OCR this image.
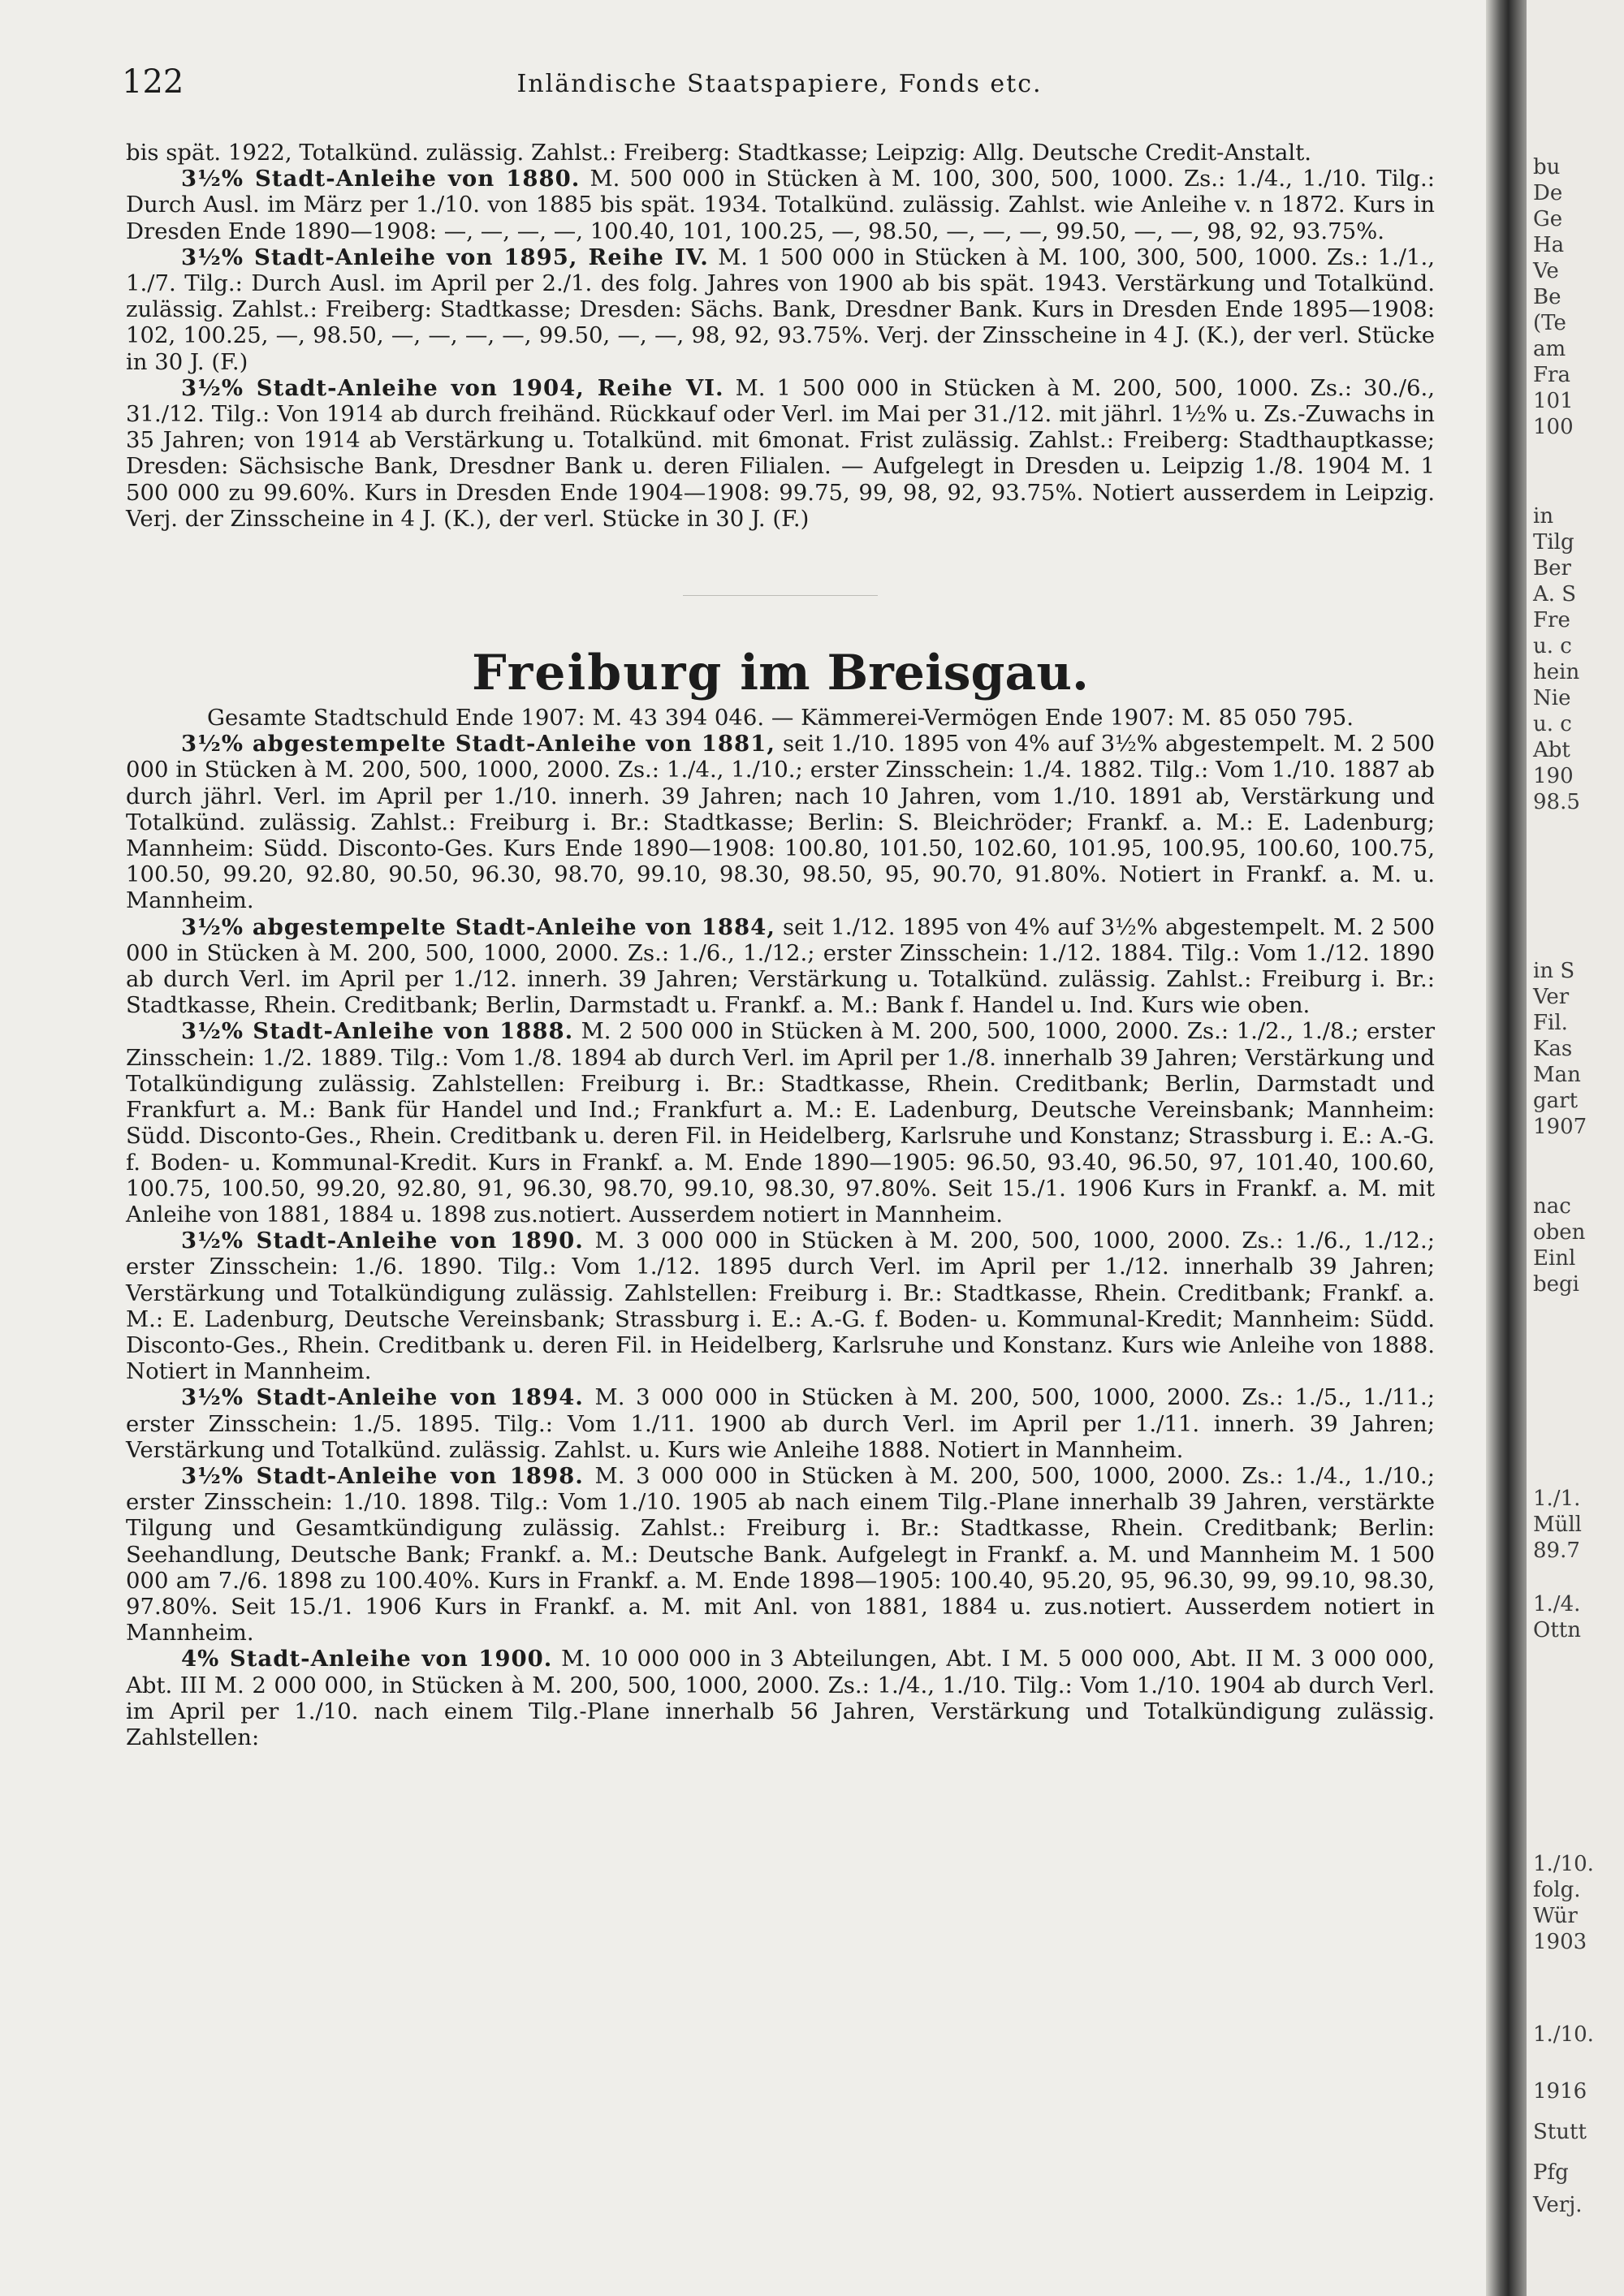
122	Inländische Staatspapiere, Fonds etc.

bis spät. 1922, Totalkünd. zulässig. Zahlst.: Freiberg: Stadtkasse; Leipzig: Allg. Deutsche Credit-Anstalt.

3½% Stadt-Anleihe von 1880. M. 500 000 in Stücken à M. 100, 300, 500, 1000. Zs.: 1./4., 1./10. Tilg.: Durch Ausl. im März per 1./10. von 1885 bis spät. 1934. Totalkünd. zulässig. Zahlst. wie Anleihe v. n 1872. Kurs in Dresden Ende 1890—1908: —, —, —, —, 100.40, 101, 100.25, —, 98.50, —, —, —, 99.50, —, —, 98, 92, 93.75%.

3½% Stadt-Anleihe von 1895, Reihe IV. M. 1 500 000 in Stücken à M. 100, 300, 500, 1000. Zs.: 1./1., 1./7. Tilg.: Durch Ausl. im April per 2./1. des folg. Jahres von 1900 ab bis spät. 1943. Verstärkung und Totalkünd. zulässig. Zahlst.: Freiberg: Stadtkasse; Dresden: Sächs. Bank, Dresdner Bank. Kurs in Dresden Ende 1895—1908: 102, 100.25, —, 98.50, —, —, —, —, 99.50, —, —, 98, 92, 93.75%. Verj. der Zinsscheine in 4 J. (K.), der verl. Stücke in 30 J. (F.)

3½% Stadt-Anleihe von 1904, Reihe VI. M. 1 500 000 in Stücken à M. 200, 500, 1000. Zs.: 30./6., 31./12. Tilg.: Von 1914 ab durch freihänd. Rückkauf oder Verl. im Mai per 31./12. mit jährl. 1½% u. Zs.-Zuwachs in 35 Jahren; von 1914 ab Verstärkung u. Totalkünd. mit 6monat. Frist zulässig. Zahlst.: Freiberg: Stadthauptkasse; Dresden: Sächsische Bank, Dresdner Bank u. deren Filialen. — Aufgelegt in Dresden u. Leipzig 1./8. 1904 M. 1 500 000 zu 99.60%. Kurs in Dresden Ende 1904—1908: 99.75, 99, 98, 92, 93.75%. Notiert ausserdem in Leipzig. Verj. der Zinsscheine in 4 J. (K.), der verl. Stücke in 30 J. (F.)

Freiburg im Breisgau.

Gesamte Stadtschuld Ende 1907: M. 43 394 046. — Kämmerei-Vermögen Ende 1907: M. 85 050 795.

3½% abgestempelte Stadt-Anleihe von 1881, seit 1./10. 1895 von 4% auf 3½% abgestempelt. M. 2 500 000 in Stücken à M. 200, 500, 1000, 2000. Zs.: 1./4., 1./10.; erster Zinsschein: 1./4. 1882. Tilg.: Vom 1./10. 1887 ab durch jährl. Verl. im April per 1./10. innerh. 39 Jahren; nach 10 Jahren, vom 1./10. 1891 ab, Verstärkung und Totalkünd. zulässig. Zahlst.: Freiburg i. Br.: Stadtkasse; Berlin: S. Bleichröder; Frankf. a. M.: E. Ladenburg; Mannheim: Südd. Disconto-Ges. Kurs Ende 1890—1908: 100.80, 101.50, 102.60, 101.95, 100.95, 100.60, 100.75, 100.50, 99.20, 92.80, 90.50, 96.30, 98.70, 99.10, 98.30, 98.50, 95, 90.70, 91.80%. Notiert in Frankf. a. M. u. Mannheim.

3½% abgestempelte Stadt-Anleihe von 1884, seit 1./12. 1895 von 4% auf 3½% abgestempelt. M. 2 500 000 in Stücken à M. 200, 500, 1000, 2000. Zs.: 1./6., 1./12.; erster Zinsschein: 1./12. 1884. Tilg.: Vom 1./12. 1890 ab durch Verl. im April per 1./12. innerh. 39 Jahren; Verstärkung u. Totalkünd. zulässig. Zahlst.: Freiburg i. Br.: Stadtkasse, Rhein. Creditbank; Berlin, Darmstadt u. Frankf. a. M.: Bank f. Handel u. Ind. Kurs wie oben.

3½% Stadt-Anleihe von 1888. M. 2 500 000 in Stücken à M. 200, 500, 1000, 2000. Zs.: 1./2., 1./8.; erster Zinsschein: 1./2. 1889. Tilg.: Vom 1./8. 1894 ab durch Verl. im April per 1./8. innerhalb 39 Jahren; Verstärkung und Totalkündigung zulässig. Zahlstellen: Freiburg i. Br.: Stadtkasse, Rhein. Creditbank; Berlin, Darmstadt und Frankfurt a. M.: Bank für Handel und Ind.; Frankfurt a. M.: E. Ladenburg, Deutsche Vereinsbank; Mannheim: Südd. Disconto-Ges., Rhein. Creditbank u. deren Fil. in Heidelberg, Karlsruhe und Konstanz; Strassburg i. E.: A.-G. f. Boden- u. Kommunal-Kredit. Kurs in Frankf. a. M. Ende 1890—1905: 96.50, 93.40, 96.50, 97, 101.40, 100.60, 100.75, 100.50, 99.20, 92.80, 91, 96.30, 98.70, 99.10, 98.30, 97.80%. Seit 15./1. 1906 Kurs in Frankf. a. M. mit Anleihe von 1881, 1884 u. 1898 zus.notiert. Ausserdem notiert in Mannheim.

3½% Stadt-Anleihe von 1890. M. 3 000 000 in Stücken à M. 200, 500, 1000, 2000. Zs.: 1./6., 1./12.; erster Zinsschein: 1./6. 1890. Tilg.: Vom 1./12. 1895 durch Verl. im April per 1./12. innerhalb 39 Jahren; Verstärkung und Totalkündigung zulässig. Zahlstellen: Freiburg i. Br.: Stadtkasse, Rhein. Creditbank; Frankf. a. M.: E. Ladenburg, Deutsche Vereinsbank; Strassburg i. E.: A.-G. f. Boden- u. Kommunal-Kredit; Mannheim: Südd. Disconto-Ges., Rhein. Creditbank u. deren Fil. in Heidelberg, Karlsruhe und Konstanz. Kurs wie Anleihe von 1888. Notiert in Mannheim.

3½% Stadt-Anleihe von 1894. M. 3 000 000 in Stücken à M. 200, 500, 1000, 2000. Zs.: 1./5., 1./11.; erster Zinsschein: 1./5. 1895. Tilg.: Vom 1./11. 1900 ab durch Verl. im April per 1./11. innerh. 39 Jahren; Verstärkung und Totalkünd. zulässig. Zahlst. u. Kurs wie Anleihe 1888. Notiert in Mannheim.

3½% Stadt-Anleihe von 1898. M. 3 000 000 in Stücken à M. 200, 500, 1000, 2000. Zs.: 1./4., 1./10.; erster Zinsschein: 1./10. 1898. Tilg.: Vom 1./10. 1905 ab nach einem Tilg.-Plane innerhalb 39 Jahren, verstärkte Tilgung und Gesamtkündigung zulässig. Zahlst.: Freiburg i. Br.: Stadtkasse, Rhein. Creditbank; Berlin: Seehandlung, Deutsche Bank; Frankf. a. M.: Deutsche Bank. Aufgelegt in Frankf. a. M. und Mannheim M. 1 500 000 am 7./6. 1898 zu 100.40%. Kurs in Frankf. a. M. Ende 1898—1905: 100.40, 95.20, 95, 96.30, 99, 99.10, 98.30, 97.80%. Seit 15./1. 1906 Kurs in Frankf. a. M. mit Anl. von 1881, 1884 u. zus.notiert. Ausserdem notiert in Mannheim.

4% Stadt-Anleihe von 1900. M. 10 000 000 in 3 Abteilungen, Abt. I M. 5 000 000, Abt. II M. 3 000 000, Abt. III M. 2 000 000, in Stücken à M. 200, 500, 1000, 2000. Zs.: 1./4., 1./10. Tilg.: Vom 1./10. 1904 ab durch Verl. im April per 1./10. nach einem Tilg.-Plane innerhalb 56 Jahren, Verstärkung und Totalkündigung zulässig. Zahlstellen:

bu
De
Ge
Ha
Ve
Be
(Te
am
Fra
101
100
in
Tilg
Ber
A. S
Fre
u. c
hein
Nie
u. c
Abt
190
98.5
in S
Ver
Fil.
Kas
Man
gart
1907
nac
oben
Einl
begi
1./1.
Müll
89.7
1./4.
Ottn
1./10.
folg.
Wür
1903
1./10.
1916
Stutt
Pfg
Verj.
